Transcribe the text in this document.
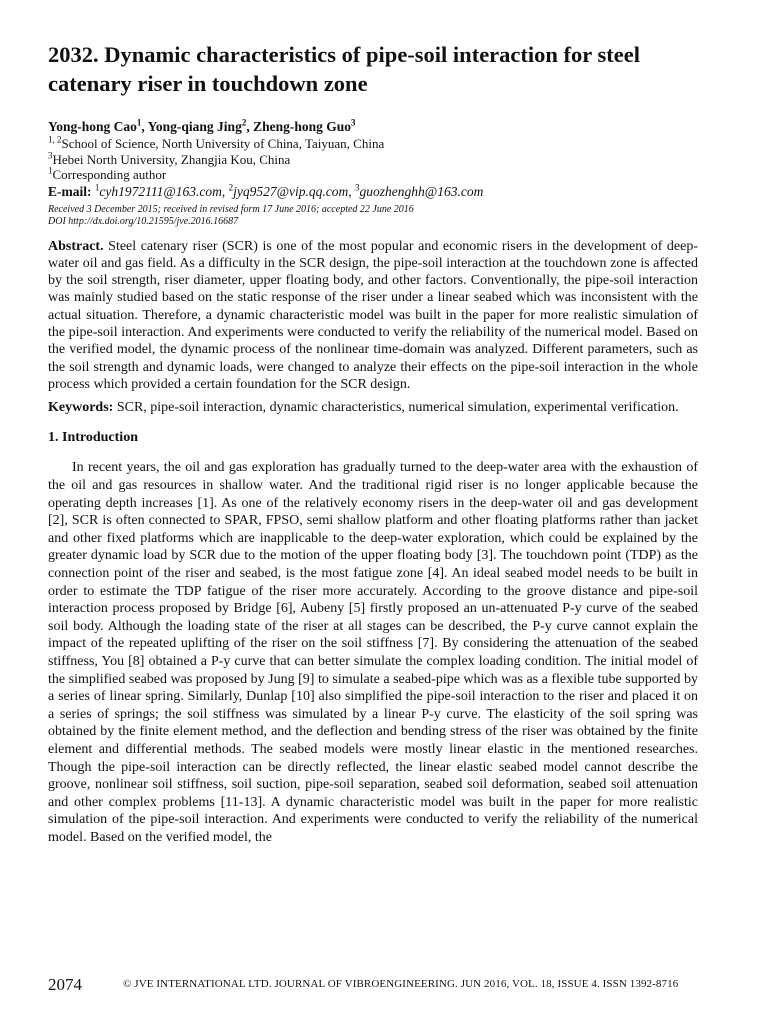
2032. Dynamic characteristics of pipe-soil interaction for steel catenary riser in touchdown zone
Yong-hong Cao$^1$, Yong-qiang Jing$^2$, Zheng-hong Guo$^3$
$^{1, 2}$School of Science, North University of China, Taiyuan, China
$^3$Hebei North University, Zhangjia Kou, China
$^1$Corresponding author
E-mail: $^1$cyh1972111@163.com, $^2$jyq9527@vip.qq.com, $^3$guozhenghh@163.com
Received 3 December 2015; received in revised form 17 June 2016; accepted 22 June 2016
DOI http://dx.doi.org/10.21595/jve.2016.16687
Abstract. Steel catenary riser (SCR) is one of the most popular and economic risers in the development of deep-water oil and gas field. As a difficulty in the SCR design, the pipe-soil interaction at the touchdown zone is affected by the soil strength, riser diameter, upper floating body, and other factors. Conventionally, the pipe-soil interaction was mainly studied based on the static response of the riser under a linear seabed which was inconsistent with the actual situation. Therefore, a dynamic characteristic model was built in the paper for more realistic simulation of the pipe-soil interaction. And experiments were conducted to verify the reliability of the numerical model. Based on the verified model, the dynamic process of the nonlinear time-domain was analyzed. Different parameters, such as the soil strength and dynamic loads, were changed to analyze their effects on the pipe-soil interaction in the whole process which provided a certain foundation for the SCR design.
Keywords: SCR, pipe-soil interaction, dynamic characteristics, numerical simulation, experimental verification.
1. Introduction
In recent years, the oil and gas exploration has gradually turned to the deep-water area with the exhaustion of the oil and gas resources in shallow water. And the traditional rigid riser is no longer applicable because the operating depth increases [1]. As one of the relatively economy risers in the deep-water oil and gas development [2], SCR is often connected to SPAR, FPSO, semi shallow platform and other floating platforms rather than jacket and other fixed platforms which are inapplicable to the deep-water exploration, which could be explained by the greater dynamic load by SCR due to the motion of the upper floating body [3]. The touchdown point (TDP) as the connection point of the riser and seabed, is the most fatigue zone [4]. An ideal seabed model needs to be built in order to estimate the TDP fatigue of the riser more accurately. According to the groove distance and pipe-soil interaction process proposed by Bridge [6], Aubeny [5] firstly proposed an un-attenuated P-y curve of the seabed soil body. Although the loading state of the riser at all stages can be described, the P-y curve cannot explain the impact of the repeated uplifting of the riser on the soil stiffness [7]. By considering the attenuation of the seabed stiffness, You [8] obtained a P-y curve that can better simulate the complex loading condition. The initial model of the simplified seabed was proposed by Jung [9] to simulate a seabed-pipe which was as a flexible tube supported by a series of linear spring. Similarly, Dunlap [10] also simplified the pipe-soil interaction to the riser and placed it on a series of springs; the soil stiffness was simulated by a linear P-y curve. The elasticity of the soil spring was obtained by the finite element method, and the deflection and bending stress of the riser was obtained by the finite element and differential methods. The seabed models were mostly linear elastic in the mentioned researches. Though the pipe-soil interaction can be directly reflected, the linear elastic seabed model cannot describe the groove, nonlinear soil stiffness, soil suction, pipe-soil separation, seabed soil deformation, seabed soil attenuation and other complex problems [11-13]. A dynamic characteristic model was built in the paper for more realistic simulation of the pipe-soil interaction. And experiments were conducted to verify the reliability of the numerical model. Based on the verified model, the
2074	© JVE INTERNATIONAL LTD. JOURNAL OF VIBROENGINEERING. JUN 2016, VOL. 18, ISSUE 4. ISSN 1392-8716
